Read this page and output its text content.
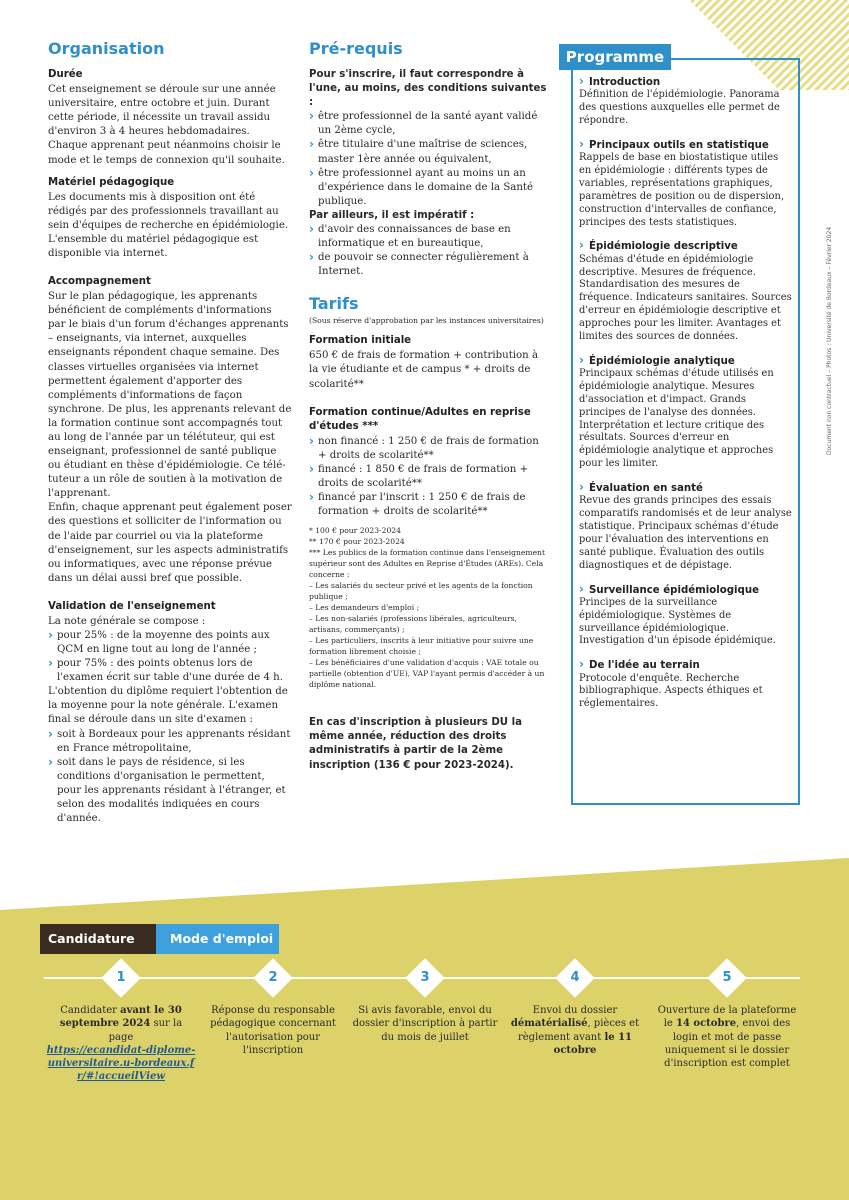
Organisation
Durée

Cet enseignement se déroule sur une année universitaire, entre octobre et juin. Durant cette période, il nécessite un travail assidu d'environ 3 à 4 heures hebdomadaires. Chaque apprenant peut néanmoins choisir le mode et le temps de connexion qu'il souhaite.

Matériel pédagogique

Les documents mis à disposition ont été rédigés par des professionnels travaillant au sein d'équipes de recherche en épidémiologie. L'ensemble du matériel pédagogique est disponible via internet.

Accompagnement

Sur le plan pédagogique, les apprenants bénéficient de compléments d'informations par le biais d'un forum d'échanges apprenants – enseignants, via internet, auxquelles enseignants répondent chaque semaine. Des classes virtuelles organisées via internet permettent également d'apporter des compléments d'informations de façon synchrone. De plus, les apprenants relevant de la formation continue sont accompagnés tout au long de l'année par un télétuteur, qui est enseignant, professionnel de santé publique ou étudiant en thèse d'épidémiologie. Ce télé-tuteur a un rôle de soutien à la motivation de l'apprenant.

Enfin, chaque apprenant peut également poser des questions et solliciter de l'information ou de l'aide par courriel ou via la plateforme d'enseignement, sur les aspects administratifs ou informatiques, avec une réponse prévue dans un délai aussi bref que possible.

Validation de l'enseignement

La note générale se compose :

› pour 25% : de la moyenne des points aux QCM en ligne tout au long de l'année ;
› pour 75% : des points obtenus lors de l'examen écrit sur table d'une durée de 4 h.

L'obtention du diplôme requiert l'obtention de la moyenne pour la note générale. L'examen final se déroule dans un site d'examen :

› soit à Bordeaux pour les apprenants résidant en France métropolitaine,
› soit dans le pays de résidence, si les conditions d'organisation le permettent, pour les apprenants résidant à l'étranger, et selon des modalités indiquées en cours d'année.
Pré-requis

Pour s'inscrire, il faut correspondre à l'une, au moins, des conditions suivantes :

› être professionnel de la santé ayant validé un 2ème cycle,
› être titulaire d'une maîtrise de sciences, master 1ère année ou équivalent,
› être professionnel ayant au moins un an d'expérience dans le domaine de la Santé publique.

Par ailleurs, il est impératif :

› d'avoir des connaissances de base en informatique et en bureautique,
› de pouvoir se connecter régulièrement à Internet.
Tarifs

(Sous réserve d'approbation par les instances universitaires)

Formation initiale

650 € de frais de formation + contribution à la vie étudiante et de campus * + droits de scolarité**

Formation continue/Adultes en reprise d'études ***
› non financé : 1 250 € de frais de formation + droits de scolarité**
› financé : 1 850 € de frais de formation + droits de scolarité**
› financé par l'inscrit : 1 250 € de frais de formation + droits de scolarité**

* 100 € pour 2023-2024

** 170 € pour 2023-2024

*** Les publics de la formation continue dans l'enseignement supérieur sont des Adultes en Reprise d'Études (AREs). Cela concerne :

– Les salariés du secteur privé et les agents de la fonction publique ;

– Les demandeurs d'emploi ;

– Les non-salariés (professions libérales, agriculteurs, artisans, commerçants) ;

– Les particuliers, inscrits à leur initiative pour suivre une formation librement choisie ;

– Les bénéficiaires d'une validation d'acquis : VAE totale ou partielle (obtention d'UE), VAP l'ayant permis d'accéder à un diplôme national.

En cas d'inscription à plusieurs DU la même année, réduction des droits administratifs à partir de la 2ème inscription (136 € pour 2023-2024).

Programme
› Introduction

Définition de l'épidémiologie. Panorama des questions auxquelles elle permet de répondre.

› Principaux outils en statistique

Rappels de base en biostatistique utiles en épidémiologie : différents types de variables, représentations graphiques, paramètres de position ou de dispersion, construction d'intervalles de confiance, principes des tests statistiques.

› Épidémiologie descriptive

Schémas d'étude en épidémiologie descriptive. Mesures de fréquence. Standardisation des mesures de fréquence. Indicateurs sanitaires. Sources d'erreur en épidémiologie descriptive et approches pour les limiter. Avantages et limites des sources de données.

› Épidémiologie analytique

Principaux schémas d'étude utilisés en épidémiologie analytique. Mesures d'association et d'impact. Grands principes de l'analyse des données. Interprétation et lecture critique des résultats. Sources d'erreur en épidémiologie analytique et approches pour les limiter.

› Évaluation en santé

Revue des grands principes des essais comparatifs randomisés et de leur analyse statistique. Principaux schémas d'étude pour l'évaluation des interventions en santé publique. Évaluation des outils diagnostiques et de dépistage.

› Surveillance épidémiologique

Principes de la surveillance épidémiologique. Systèmes de surveillance épidémiologique. Investigation d'un épisode épidémique.

› De l'idée au terrain

Protocole d'enquête. Recherche bibliographique. Aspects éthiques et réglementaires.

Document non contractuel – Photos : Université de Bordeaux – Février 2024
Candidature	Mode d'emploi
1	2	3	4	5
Candidater avant le 30 septembre 2024 sur la page
https://ecandidat-diplome-universitaire.u-bordeaux.fr/#!accueilView
Réponse du responsable pédagogique concernant l'autorisation pour l'inscription
Si avis favorable, envoi du dossier d'inscription à partir du mois de juillet
Envoi du dossier dématérialisé, pièces et règlement avant le 11 octobre
Ouverture de la plateforme le 14 octobre, envoi des login et mot de passe uniquement si le dossier d'inscription est complet
